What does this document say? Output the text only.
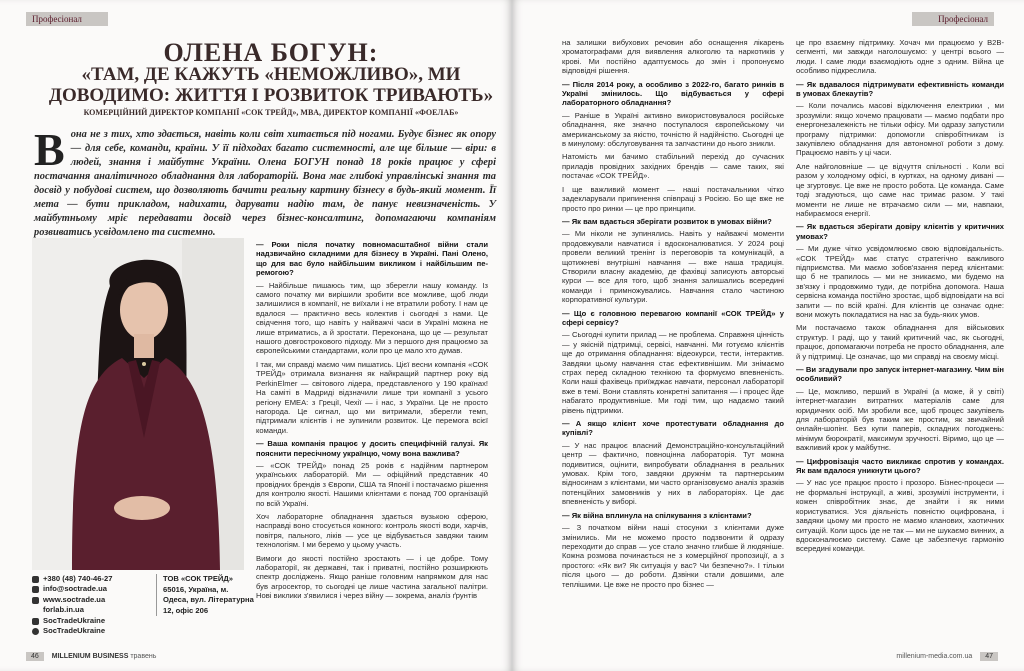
Професіонал
ОЛЕНА БОГУН:
«ТАМ, ДЕ КАЖУТЬ «НЕМОЖЛИВО», МИ ДОВОДИМО: ЖИТТЯ І РОЗВИТОК ТРИВАЮТЬ»
КОМЕРЦІЙНИЙ ДИРЕКТОР КОМПАНІЇ «СОК ТРЕЙД», MBA, ДИРЕКТОР КОМПАНІЇ «ФОЕЛАБ»
В она не з тих, хто здається, навіть коли світ хитається під ногами. Будує бізнес як опору — для себе, команди, країни. У її підходах багато системності, але ще більше — віри: в людей, знання і майбутнє України. Олена БОГУН понад 18 років працює у сфері постачання аналітичного обладнання для лабораторій. Вона має глибокі управлінські знання та досвід у побудові систем, що дозволяють бачити реальну картину бізнесу в будь-який момент. Її мета — бути прикладом, надихати, дарувати надію там, де панує невизначеність. У майбутньому мріє передавати досвід через бізнес-консалтинг, допомагаючи компаніям розвиватись усвідомлено та системно.

— Роки після початку повномасштабної війни стали надзвичайно складними для бізнесу в Україні. Пані Олено, що для вас було найбільшим викликом і найбільшим перемогою?

— Найбільше пишаюсь тим, що зберегли нашу команду. Із самого початку ми вирішили зробити все можливе, щоб люди залишилися в компанії, не виїхали і не втратили роботу. І нам це вдалося — практично весь колектив і сьогодні з нами. Це свідчення того, що навіть у найважчі часи в Україні можна не лише втриматись, а й зростати. Переконана, що це — результат нашого довгострокового підходу. Ми з першого дня працюємо за європейськими стандартами, коли про це мало хто думав.

І так, ми справді маємо чим пишатись. Цієї весни компанія «СОК ТРЕЙД» отримала визнання як найкращий партнер року від PerkinElmer — світового лідера, представленого у 190 країнах! На саміті в Мадриді відзначили лише три компанії з усього регіону EMEA: з Греції, Чехії — і нас, з України. Це не просто нагорода. Це сигнал, що ми витримали, зберегли темп, підтримали клієнтів і не зупинили розвиток. Це перемога всієї команди.

— Ваша компанія працює у досить специфічній галузі. Як пояснити пересічному українцю, чому вона важлива?

— «СОК ТРЕЙД» понад 25 років є надійним партнером українських лабораторій. Ми — офіційний представник 40 провідних брендів з Європи, США та Японії і постачаємо рішення для контролю якості. Нашими клієнтами є понад 700 організацій по всій Україні.

Хоч лабораторне обладнання здається вузькою сферою, насправді воно стосується кожного: контроль якості води, харчів, повітря, пального, ліків — усе це відбувається завдяки таким технологіям. І ми беремо у цьому участь.

Вимоги до якості постійно зростають — і це добре. Тому лабораторії, як державні, так і приватні, постійно розширюють спектр досліджень. Якщо раніше головним напрямком для нас був агросектор, то сьогодні це лише частина загальної палітри. Нові виклики з'явилися і через війну — зокрема, аналіз ґрунтів

+380 (48) 740-46-27
info@soctrade.ua
www.soctrade.ua
forlab.in.ua
SocTradeUkraine
SocTradeUkraine
ТОВ «СОК ТРЕЙД» 65016, Україна, м. Одеса, вул. Літературна 12, офіс 206
46 MILLENIUM BUSINESS травень
Професіонал

на залишки вибухових речовин або оснащення лікарень хроматографами для виявлення алкоголю та наркотиків у крові. Ми постійно адаптуємось до змін і пропонуємо відповідні рішення.

— Після 2014 року, а особливо з 2022-го, багато ринків в Україні змінилось. Що відбувається у сфері лабораторного обладнання?

— Раніше в Україні активно використовувалося російське обладнання, яке значно поступалося європейському чи американському за якістю, точністю й надійністю. Сьогодні це в минулому: обслуговування та запчастини до нього зникли.

Натомість ми бачимо стабільний перехід до сучасних приладів провідних західних брендів — саме таких, які постачає «СОК ТРЕЙД».

І ще важливий момент — наші постачальники чітко задекларували припинення співпраці з Росією. Бо ще вже не просто про ринки — це про принципи.

— Як вам вдається зберігати розвиток в умовах війни?

— Ми ніколи не зупинялись. Навіть у найважчі моменти продовжували навчатися і вдосконалюватися. У 2024 році провели великий тренінг із переговорів та комунікацій, а щотижневі внутрішні навчання — вже наша традиція. Створили власну академію, де фахівці записують авторські курси — все для того, щоб знання залишались всередині команди і примножувались. Навчання стало частиною корпоративної культури.

— Що є головною перевагою компанії «СОК ТРЕЙД» у сфері сервісу?

— Сьогодні купити прилад — не проблема. Справжня цінність — у якісній підтримці, сервісі, навчанні. Ми готуємо клієнтів ще до отримання обладнання: відеокурси, тести, інтерактив. Завдяки цьому навчання стає ефективнішим. Ми знімаємо страх перед складною технікою та формуємо впевненість. Коли наші фахівець приїжджає навчати, персонал лабораторії вже в темі. Вони ставлять конкретні запитання — і процес йде набагато продуктивніше. Ми годі тим, що надаємо такий рівень підтримки.

— А якщо клієнт хоче протестувати обладнання до купівлі?

— У нас працює власний Демонстраційно-консультаційний центр — фактично, повноцінна лабораторія. Тут можна подивитися, оцінити, випробувати обладнання в реальних умовах. Крім того, завдяки дружнім та партнерським відносинам з клієнтами, ми часто організовуємо аналіз зразків потенційних замовників у них в лабораторіях. Це дає впевненість у виборі.

— Як війна вплинула на спілкування з клієнтами?

— З початком війни наші стосунки з клієнтами дуже змінились. Ми не можемо просто подзвонити й одразу переходити до справ — усе стало значно глибше й людяніше. Кожна розмова починається не з комерційної пропозиції, а з простого: «Як ви? Як ситуація у вас? Чи безпечно?». І тільки після цього — до роботи. Дзвінки стали довшими, але теплішими. Це вже не просто про бізнес —

це про взаємну підтримку. Хочач ми працюємо у B2B-сегменті, ми завжди наголошуємо: у центрі всього — люди. І саме люди взаємодіють одне з одним. Війна це особливо підкреслила.

— Як вдавалося підтримувати ефективність команди в умовах блекаутів?

— Коли почались масові відключення електрики , ми зрозуміли: якщо хочемо працювати — маємо подбати про енергонезалежність не тільки офісу. Ми одразу запустили програму підтримки: допомогли співробітникам із закупівлею обладнання для автономної роботи з дому. Працюємо навіть у ці часи.

Але найголовніше — це відчуття спільності . Коли всі разом у холодному офісі, в куртках, на одному дивані — це згуртовує. Це вже не просто робота. Це команда. Саме тоді згадуються, що саме нас тримає разом. У такі моменти не лише не втрачаємо сили — ми, навпаки, набираємося енергії.

— Як вдається зберігати довіру клієнтів у критичних умовах?

— Ми дуже чітко усвідомлюємо свою відповідальність. «СОК ТРЕЙД» має статус стратегічно важливого підприємства. Ми маємо зобов'язання перед клієнтами: що б не трапилось — ми не зникаємо, ми будемо на зв'язку і продовжимо туди, де потрібна допомога. Наша сервісна команда постійно зростає, щоб відповідати на всі запити — по всій країні. Для клієнтів це означає одне: вони можуть покладатися на нас за будь-яких умов.

Ми постачаємо також обладнання для військових структур. І раді, що у такий критичний час, як сьогодні, працює, допомагаючи потреба не просто обладнання, але й у підтримці. Це означає, що ми справді на своєму місці.

— Ви згадували про запуск інтернет-магазину. Чим він особливий?

— Це, можливо, перший в Україні (а може, й у світі) інтернет-магазин витратних матеріалів саме для юридичних осіб. Ми зробили все, щоб процес закупівель для лабораторій був таким же простим, як звичайний онлайн-шопінг. Без купи паперів, складних погоджень: мінімум бюрократії, максимум зручності. Віримо, що це — важливий крок у майбутнє.

— Цифровізація часто викликає спротив у командах. Як вам вдалося уникнути цього?

— У нас усе працює просто і прозоро. Бізнес-процеси — не формальні інструкції, а живі, зрозумілі інструменти, і кожен співробітник знає, де знайти і як ними користуватися. Уся діяльність повністю оцифрована, і завдяки цьому ми просто не маємо кланових, хаотичних ситуацій. Коли щось іде не так — ми не шукаємо винних, а вдосконалюємо систему. Саме це забезпечує гармонію всередині команди.

millenium-media.com.ua 47
